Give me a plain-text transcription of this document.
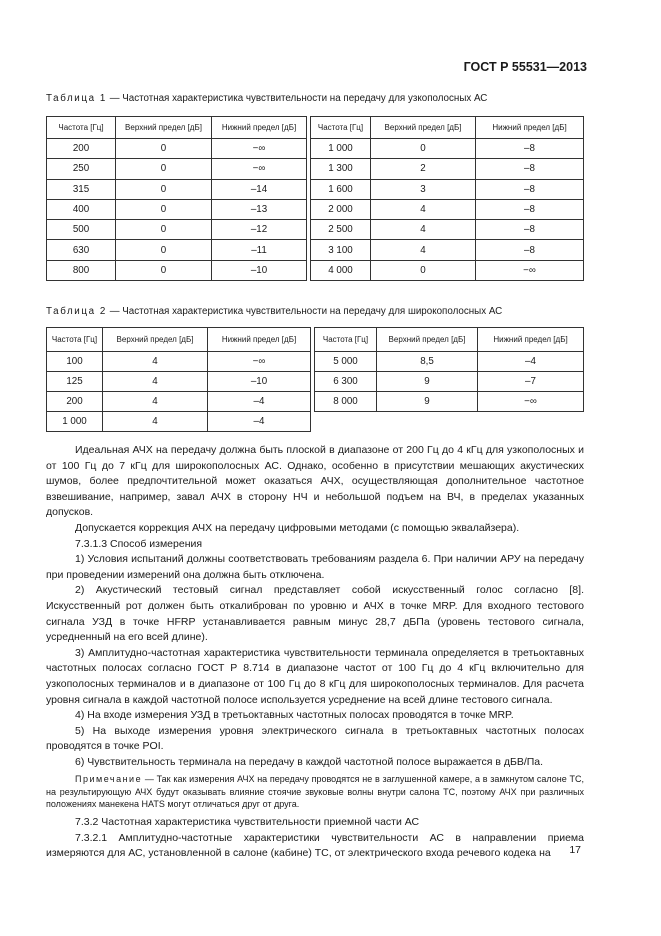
ГОСТ Р 55531—2013
Таблица 1 — Частотная характеристика чувствительности на передачу для узкополосных АС
Частота [Гц]	Верхний предел [дБ]	Нижний предел [дБ]		Частота [Гц]	Верхний предел [дБ]	Нижний предел [дБ]
200	0	−∞		1 000	0	–8
250	0	−∞		1 300	2	–8
315	0	–14		1 600	3	–8
400	0	–13		2 000	4	–8
500	0	–12		2 500	4	–8
630	0	–11		3 100	4	–8
800	0	–10		4 000	0	−∞
Таблица 2 — Частотная характеристика чувствительности на передачу для широкополосных АС
Частота [Гц]	Верхний предел [дБ]	Нижний предел [дБ]		Частота [Гц]	Верхний предел [дБ]	Нижний предел [дБ]
100	4	−∞		5 000	8,5	–4
125	4	–10		6 300	9	–7
200	4	–4		8 000	9	−∞
1 000	4	–4				

Идеальная АЧХ на передачу должна быть плоской в диапазоне от 200 Гц до 4 кГц для узкополосных и от 100 Гц до 7 кГц для широкополосных АС. Однако, особенно в присутствии мешающих акустических шумов, более предпочтительной может оказаться АЧХ, осуществляющая дополнительное частотное взвешивание, например, завал АЧХ в сторону НЧ и небольшой подъем на ВЧ, в пределах указанных допусков.

Допускается коррекция АЧХ на передачу цифровыми методами (с помощью эквалайзера).

7.3.1.3 Способ измерения

1) Условия испытаний должны соответствовать требованиям раздела 6. При наличии АРУ на передачу при проведении измерений она должна быть отключена.

2) Акустический тестовый сигнал представляет собой искусственный голос согласно [8]. Искусственный рот должен быть откалиброван по уровню и АЧХ в точке MRP. Для входного тестового сигнала УЗД в точке HFRP устанавливается равным минус 28,7 дБПа (уровень тестового сигнала, усредненный на его всей длине).

3) Амплитудно-частотная характеристика чувствительности терминала определяется в третьоктавных частотных полосах согласно ГОСТ Р 8.714 в диапазоне частот от 100 Гц до 4 кГц включительно для узкополосных терминалов и в диапазоне от 100 Гц до 8 кГц для широкополосных терминалов. Для расчета уровня сигнала в каждой частотной полосе используется усреднение на всей длине тестового сигнала.

4) На входе измерения УЗД в третьоктавных частотных полосах проводятся в точке MRP.

5) На выходе измерения уровня электрического сигнала в третьоктавных частотных полосах проводятся в точке POI.

6) Чувствительность терминала на передачу в каждой частотной полосе выражается в дБВ/Па.

Примечание — Так как измерения АЧХ на передачу проводятся не в заглушенной камере, а в замкнутом салоне ТС, на результирующую АЧХ будут оказывать влияние стоячие звуковые волны внутри салона ТС, поэтому АЧХ при различных положениях манекена HATS могут отличаться друг от друга.

7.3.2 Частотная характеристика чувствительности приемной части АС

7.3.2.1 Амплитудно-частотные характеристики чувствительности АС в направлении приема измеряются для АС, установленной в салоне (кабине) ТС, от электрического входа речевого кодека на	17
